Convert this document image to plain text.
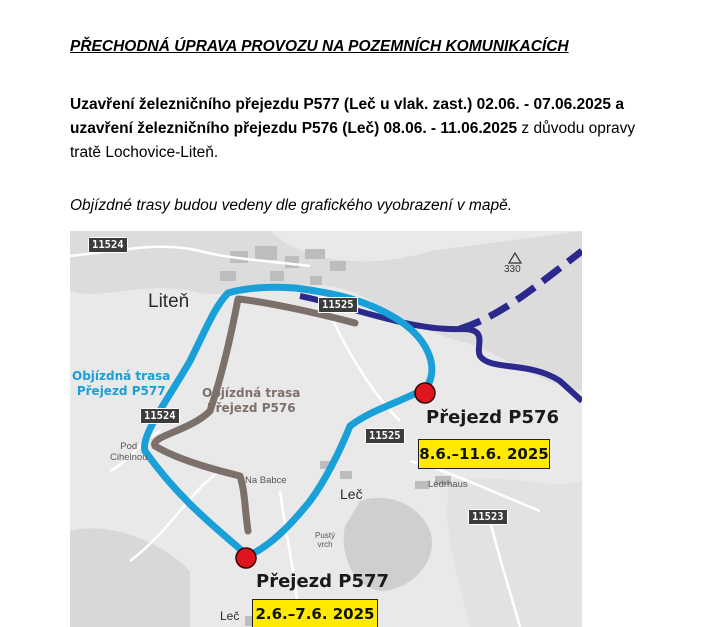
PŘECHODNÁ ÚPRAVA PROVOZU NA POZEMNÍCH KOMUNIKACÍCH
Uzavření železničního přejezdu P577 (Leč u vlak. zast.) 02.06. - 07.06.2025 a
uzavření železničního přejezdu P576 (Leč) 08.06. - 11.06.2025 z důvodu opravy
tratě Lochovice-Liteň.
Objízdné trasy budou vedeny dle grafického vyobrazení v mapě.
Liteň
Leč
Leč
Pod
Cihelnou
Na Babce	Lédrhaus
Pustý
vrch
330
11524
11525
11524
11525
11523
Objízdná trasa
Přejezd P577	Objízdná trasa
Přejezd P576	Přejezd P576
8.6.–11.6. 2025
Přejezd P577
2.6.–7.6. 2025
